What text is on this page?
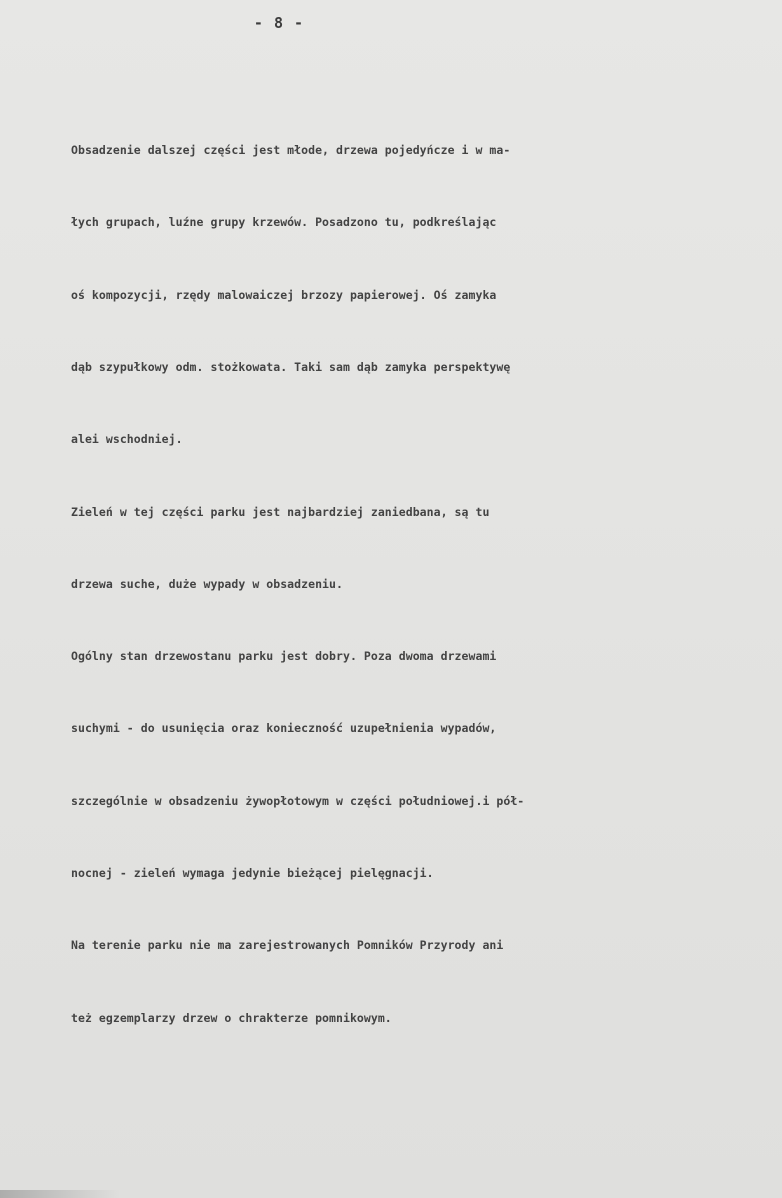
- 8 -

Obsadzenie dalszej części jest młode, drzewa pojedyńcze i w ma-

łych grupach, luźne grupy krzewów. Posadzono tu, podkreślając

oś kompozycji, rzędy malowaiczej brzozy papierowej. Oś zamyka

dąb szypułkowy odm. stożkowata. Taki sam dąb zamyka perspektywę

alei wschodniej.

Zieleń w tej części parku jest najbardziej zaniedbana, są tu

drzewa suche, duże wypady w obsadzeniu.

Ogólny stan drzewostanu parku jest dobry. Poza dwoma drzewami

suchymi - do usunięcia oraz konieczność uzupełnienia wypadów,

szczególnie w obsadzeniu żywopłotowym w części południowej.i pół-

nocnej - zieleń wymaga jedynie bieżącej pielęgnacji.

Na terenie parku nie ma zarejestrowanych Pomników Przyrody ani

też egzemplarzy drzew o chrakterze pomnikowym.
